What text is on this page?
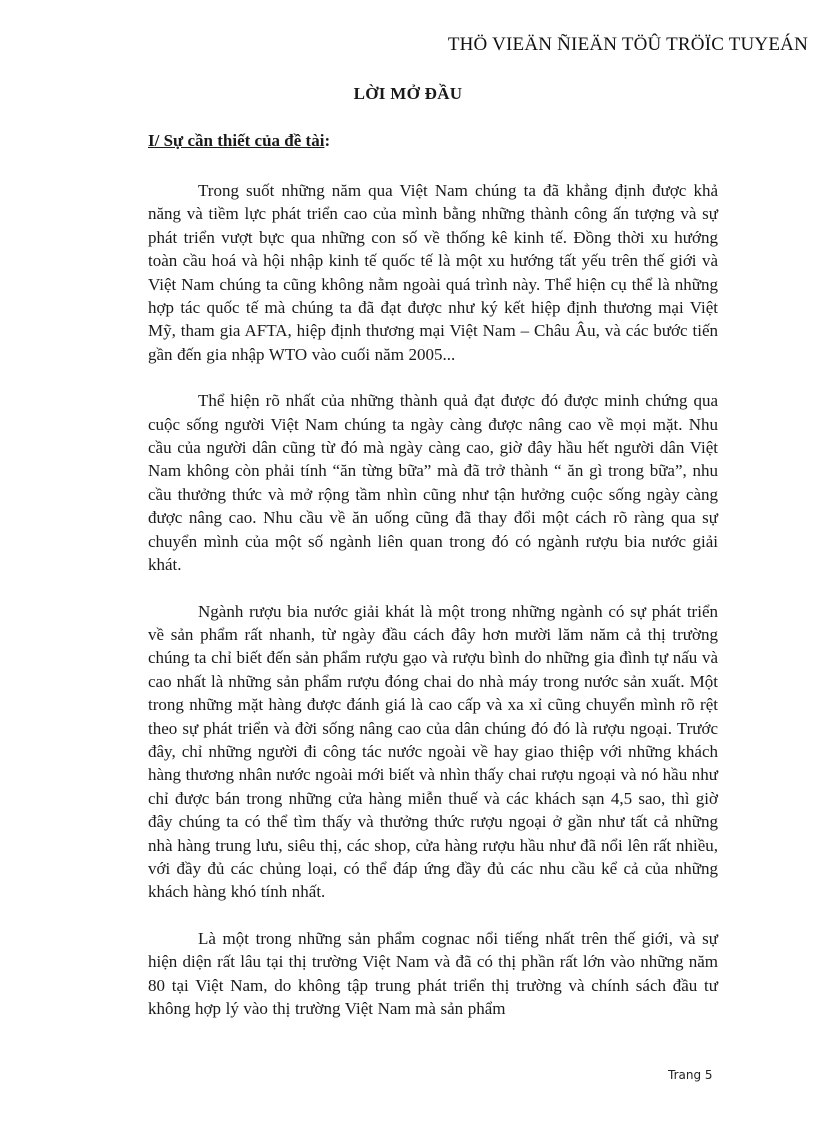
THÖ VIEÄN ÑIEÄN TÖÛ TRÖÏC TUYEÁN
LỜI MỞ ĐẦU
I/ Sự cần thiết của đề tài:

Trong suốt những năm qua Việt Nam chúng ta đã khẳng định được khả năng và tiềm lực phát triển cao của mình bằng những thành công ấn tượng và sự phát triển vượt bực qua những con số về thống kê kinh tế. Đồng thời xu hướng toàn cầu hoá và hội nhập kinh tế quốc tế là một xu hướng tất yếu trên thế giới và Việt Nam chúng ta cũng không nằm ngoài quá trình này. Thể hiện cụ thể là những hợp tác quốc tế mà chúng ta đã đạt được như ký kết hiệp định thương mại Việt Mỹ, tham gia AFTA, hiệp định thương mại Việt Nam – Châu Âu, và các bước tiến gần đến gia nhập WTO vào cuối năm 2005...

Thể hiện rõ nhất của những thành quả đạt được đó được minh chứng qua cuộc sống người Việt Nam chúng ta ngày càng được nâng cao về mọi mặt. Nhu cầu của người dân cũng từ đó mà ngày càng cao, giờ đây hầu hết người dân Việt Nam không còn phải tính “ăn từng bữa” mà đã trở thành “ ăn gì trong bữa”, nhu cầu thưởng thức và mở rộng tầm nhìn cũng như tận hưởng cuộc sống ngày càng được nâng cao. Nhu cầu về ăn uống cũng đã thay đổi một cách rõ ràng qua sự chuyển mình của một số ngành liên quan trong đó có ngành rượu bia nước giải khát.

Ngành rượu bia nước giải khát là một trong những ngành có sự phát triển về sản phẩm rất nhanh, từ ngày đầu cách đây hơn mười lăm năm cả thị trường chúng ta chỉ biết đến sản phẩm rượu gạo và rượu bình do những gia đình tự nấu và cao nhất là những sản phẩm rượu đóng chai do nhà máy trong nước sản xuất. Một trong những mặt hàng được đánh giá là cao cấp và xa xỉ cũng chuyển mình rõ rệt theo sự phát triển và đời sống nâng cao của dân chúng đó đó là rượu ngoại. Trước đây, chỉ những người đi công tác nước ngoài về hay giao thiệp với những khách hàng thương nhân nước ngoài mới biết và nhìn thấy chai rượu ngoại và nó hầu như chỉ được bán trong những cửa hàng miễn thuế và các khách sạn 4,5 sao, thì giờ đây chúng ta có thể tìm thấy và thưởng thức rượu ngoại ở gần như tất cả những nhà hàng trung lưu, siêu thị, các shop, cửa hàng rượu hầu như đã nổi lên rất nhiều, với đầy đủ các chủng loại, có thể đáp ứng đầy đủ các nhu cầu kể cả của những khách hàng khó tính nhất.

Là một trong những sản phẩm cognac nổi tiếng nhất trên thế giới, và sự hiện diện rất lâu tại thị trường Việt Nam và đã có thị phần rất lớn vào những năm 80 tại Việt Nam, do không tập trung phát triển thị trường và chính sách đầu tư không hợp lý vào thị trường Việt Nam mà sản phẩm

Trang 5
